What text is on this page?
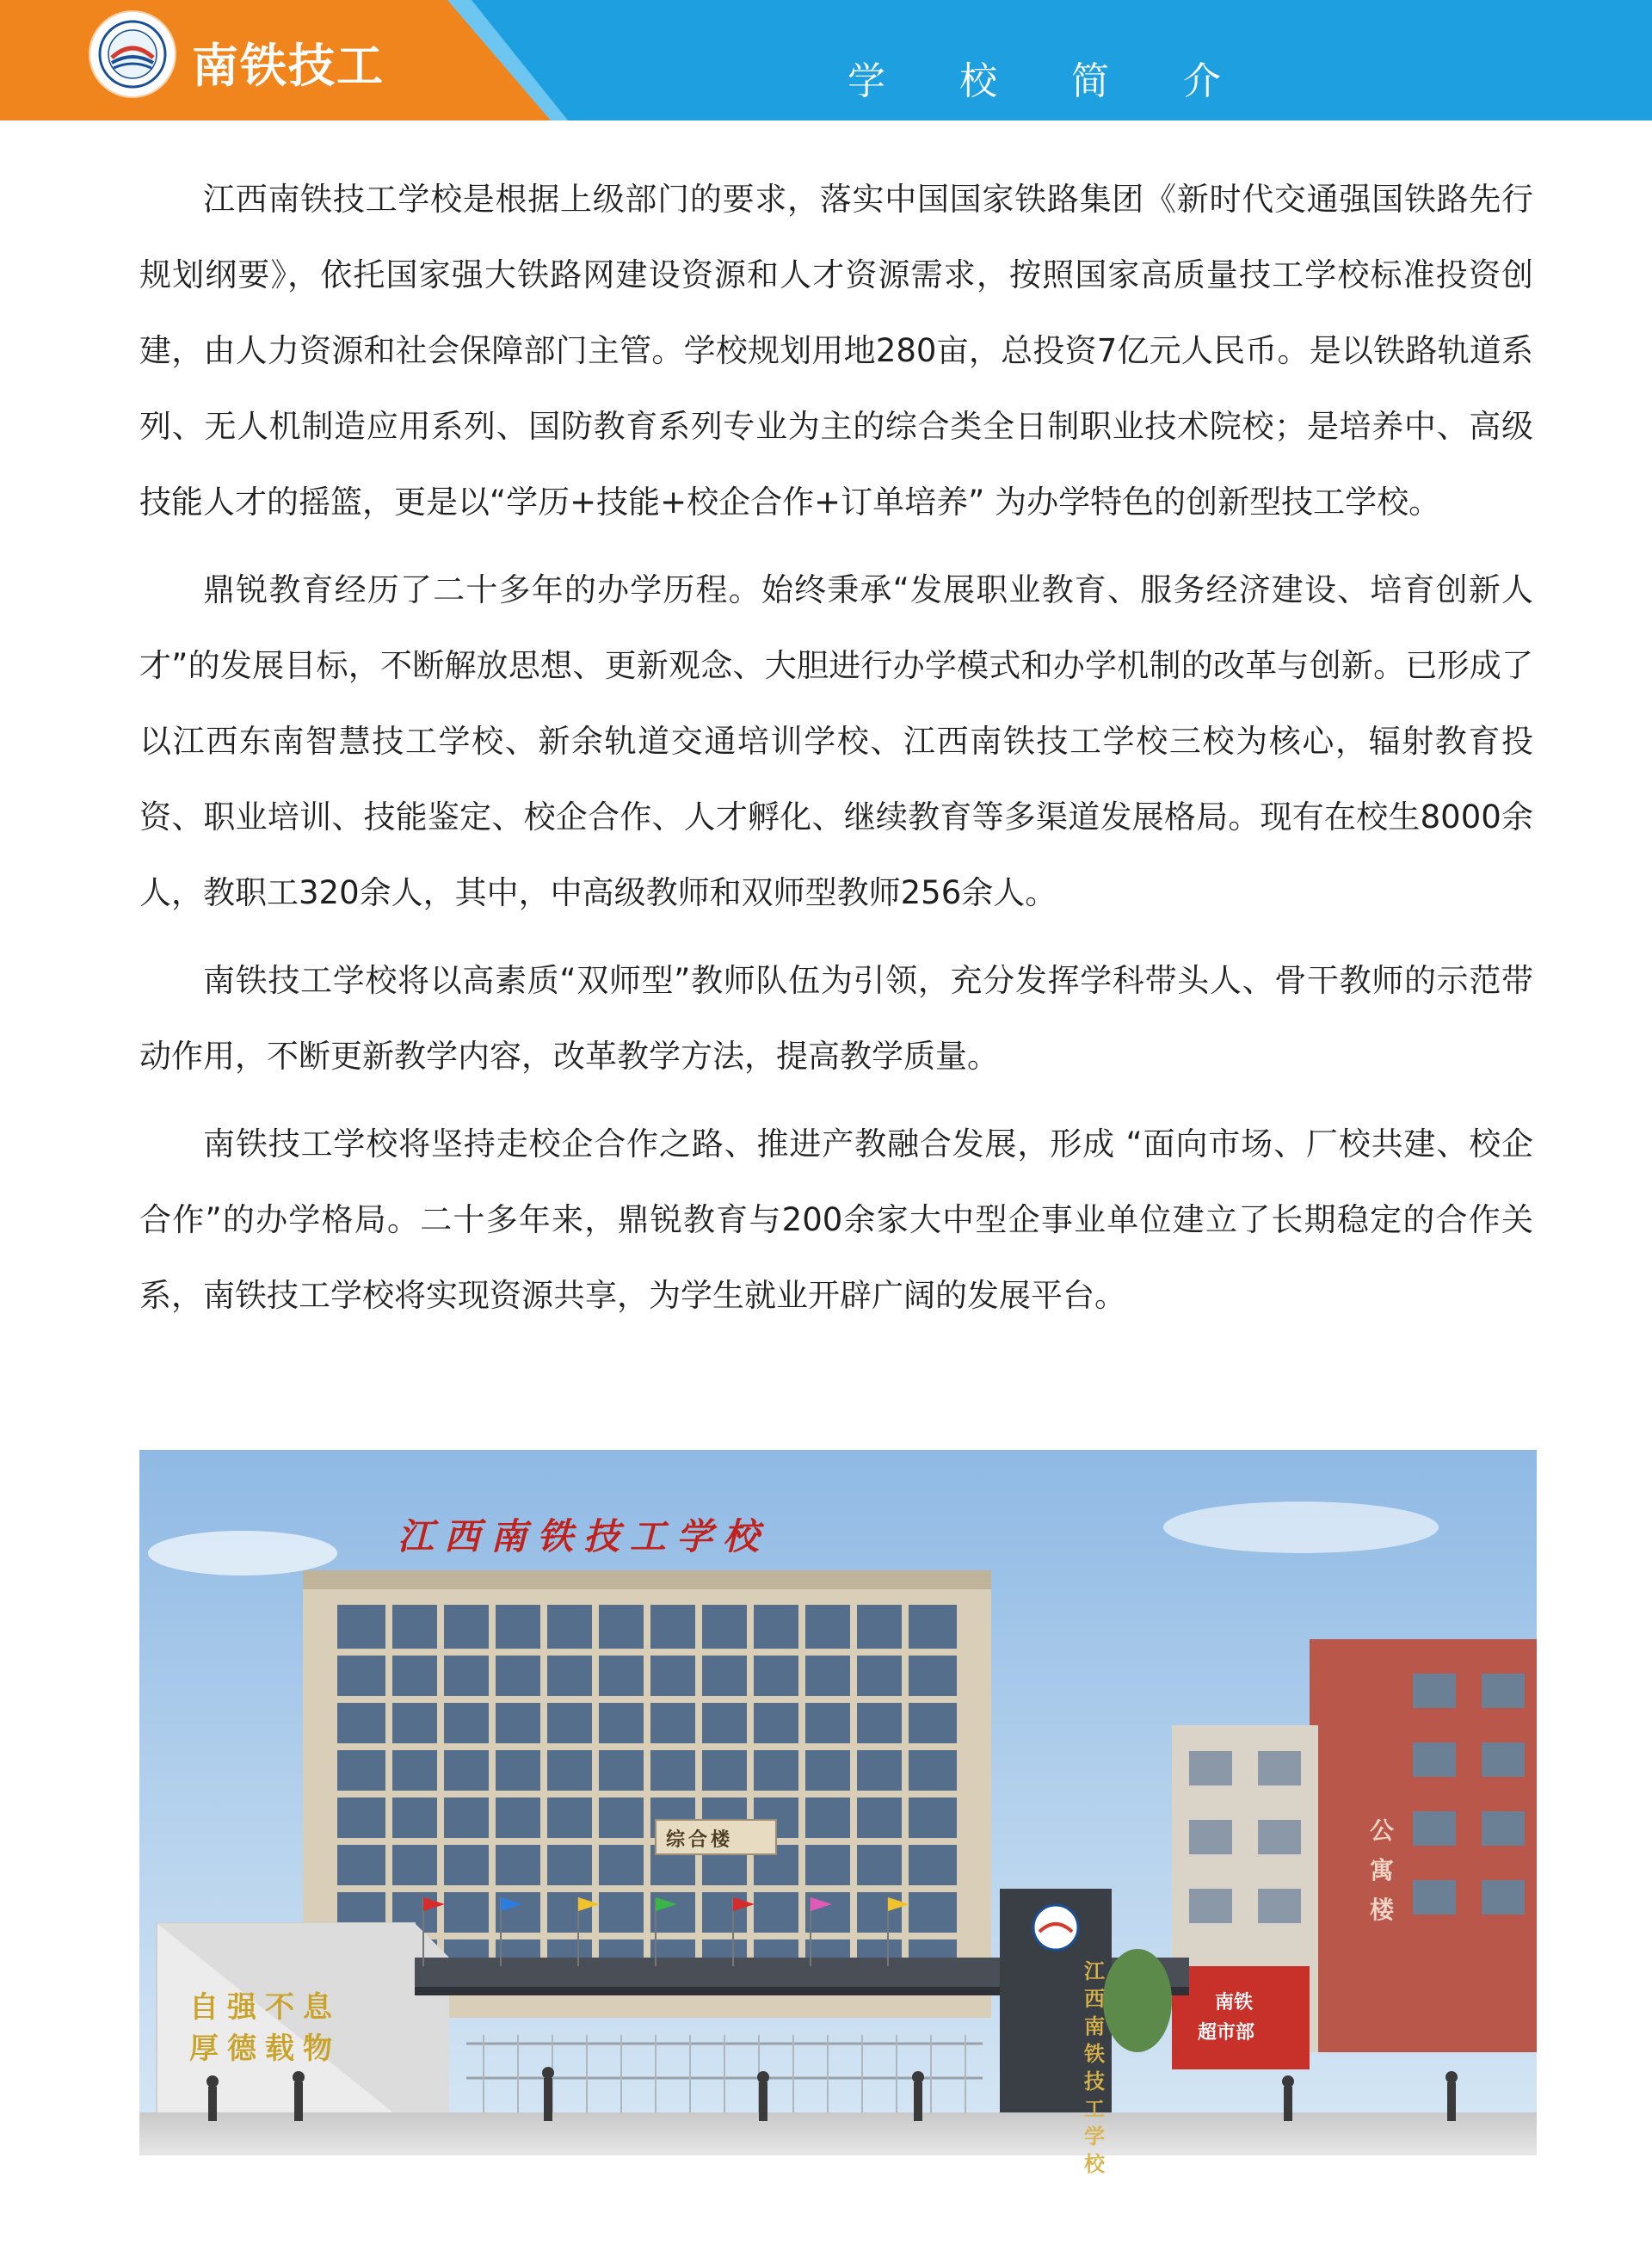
南铁技工	学 校 简 介

江西南铁技工学校是根据上级部门的要求，落实中国国家铁路集团《新时代交通强国铁路先行规划纲要》，依托国家强大铁路网建设资源和人才资源需求，按照国家高质量技工学校标准投资创建，由人力资源和社会保障部门主管。学校规划用地280亩，总投资7亿元人民币。是以铁路轨道系列、无人机制造应用系列、国防教育系列专业为主的综合类全日制职业技术院校；是培养中、高级技能人才的摇篮，更是以“学历+技能+校企合作+订单培养” 为办学特色的创新型技工学校。

鼎锐教育经历了二十多年的办学历程。始终秉承“发展职业教育、服务经济建设、培育创新人才”的发展目标，不断解放思想、更新观念、大胆进行办学模式和办学机制的改革与创新。已形成了以江西东南智慧技工学校、新余轨道交通培训学校、江西南铁技工学校三校为核心，辐射教育投资、职业培训、技能鉴定、校企合作、人才孵化、继续教育等多渠道发展格局。现有在校生8000余人，教职工320余人，其中，中高级教师和双师型教师256余人。

南铁技工学校将以高素质“双师型”教师队伍为引领，充分发挥学科带头人、骨干教师的示范带动作用，不断更新教学内容，改革教学方法，提高教学质量。

南铁技工学校将坚持走校企合作之路、推进产教融合发展，形成 “面向市场、厂校共建、校企合作”的办学格局。二十多年来，鼎锐教育与200余家大中型企事业单位建立了长期稳定的合作关系，南铁技工学校将实现资源共享，为学生就业开辟广阔的发展平台。

江西南铁技工学校
综合楼
自强不息
厚德载物
江西南铁技工学校
公寓楼
南铁
超市部
